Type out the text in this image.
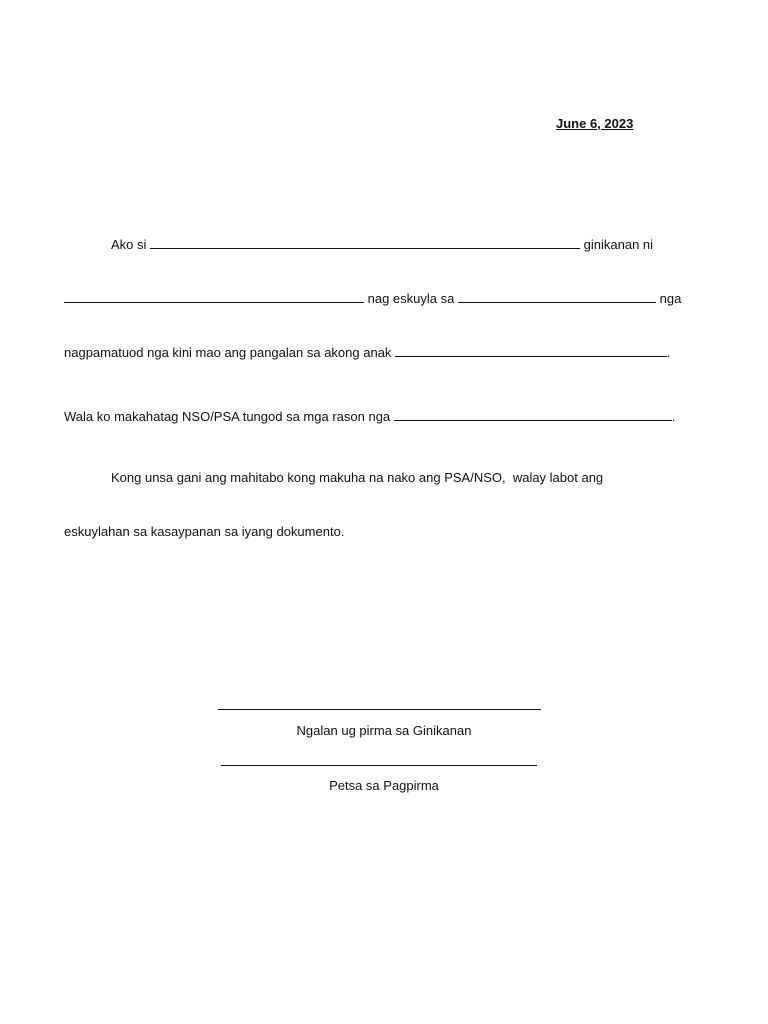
June 6, 2023
Ako si	ginikanan ni
nag eskuyla sa	nga
nagpamatuod nga kini mao ang pangalan sa akong anak	.
Wala ko makahatag NSO/PSA tungod sa mga rason nga	.
Kong unsa gani ang mahitabo kong makuha na nako ang PSA/NSO,  walay labot ang
eskuylahan sa kasaypanan sa iyang dokumento.
Ngalan ug pirma sa Ginikanan
Petsa sa Pagpirma
